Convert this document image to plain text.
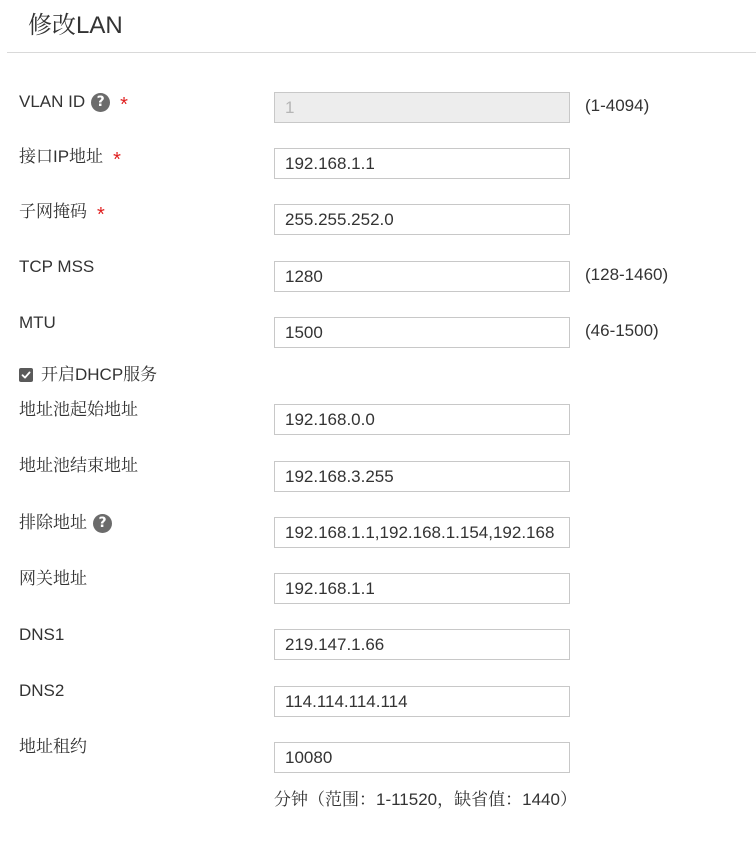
修改LAN
VLAN ID ? *
1	(1-4094)
接口IP地址 *
192.168.1.1
子网掩码 *
255.255.252.0
TCP MSS
1280	(128-1460)
MTU
1500	(46-1500)
开启DHCP服务
地址池起始地址
192.168.0.0
地址池结束地址
192.168.3.255
排除地址 ?
192.168.1.1,192.168.1.154,192.168
网关地址
192.168.1.1
DNS1
219.147.1.66
DNS2
114.114.114.114
地址租约
10080
分钟（范围：1-11520，缺省值：1440）
